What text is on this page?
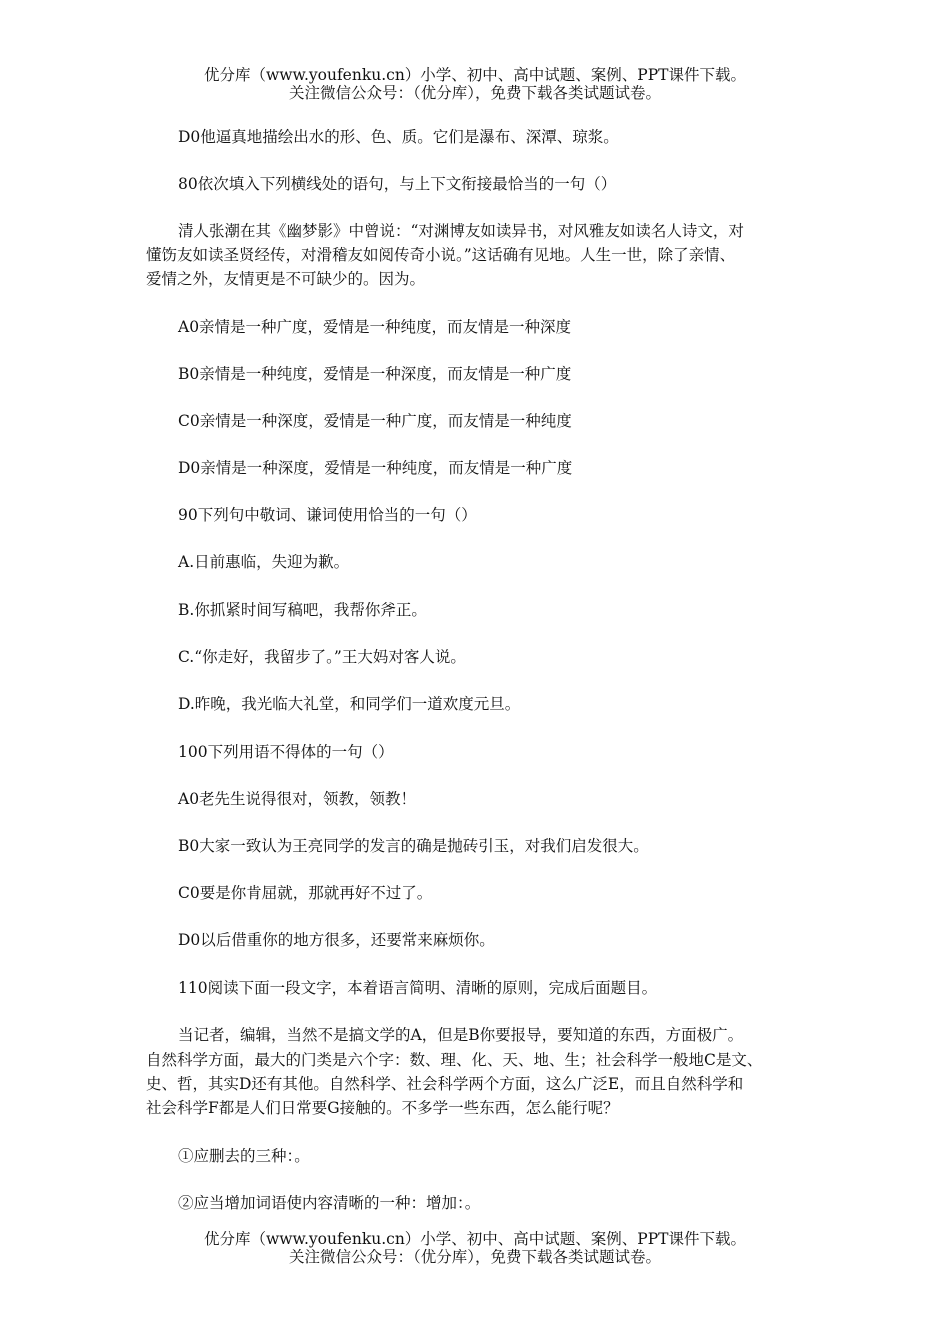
优分库（www.youfenku.cn）小学、初中、高中试题、案例、PPT课件下载。
关注微信公众号：（优分库），免费下载各类试题试卷。
D0他逼真地描绘出水的形、色、质。它们是瀑布、深潭、琼浆。
80依次填入下列横线处的语句，与上下文衔接最恰当的一句（）
清人张潮在其《幽梦影》中曾说：“对渊博友如读异书，对风雅友如读名人诗文，对
懂饬友如读圣贤经传，对滑稽友如阅传奇小说。”这话确有见地。人生一世，除了亲情、
爱情之外，友情更是不可缺少的。因为。
A0亲情是一种广度，爱情是一种纯度，而友情是一种深度
B0亲情是一种纯度，爱情是一种深度，而友情是一种广度
C0亲情是一种深度，爱情是一种广度，而友情是一种纯度
D0亲情是一种深度，爱情是一种纯度，而友情是一种广度
90下列句中敬词、谦词使用恰当的一句（）
A.日前惠临，失迎为歉。
B.你抓紧时间写稿吧，我帮你斧正。
C.“你走好，我留步了。”王大妈对客人说。
D.昨晚，我光临大礼堂，和同学们一道欢度元旦。
100下列用语不得体的一句（）
A0老先生说得很对，领教，领教！
B0大家一致认为王亮同学的发言的确是抛砖引玉，对我们启发很大。
C0要是你肯屈就，那就再好不过了。
D0以后借重你的地方很多，还要常来麻烦你。
110阅读下面一段文字，本着语言简明、清晰的原则，完成后面题目。
当记者，编辑，当然不是搞文学的A，但是B你要报导，要知道的东西，方面极广。
自然科学方面，最大的门类是六个字：数、理、化、天、地、生；社会科学一般地C是文、
史、哲，其实D还有其他。自然科学、社会科学两个方面，这么广泛E，而且自然科学和
社会科学F都是人们日常要G接触的。不多学一些东西，怎么能行呢？
①应删去的三种：。
②应当增加词语使内容清晰的一种：增加：。
优分库（www.youfenku.cn）小学、初中、高中试题、案例、PPT课件下载。
关注微信公众号：（优分库），免费下载各类试题试卷。
